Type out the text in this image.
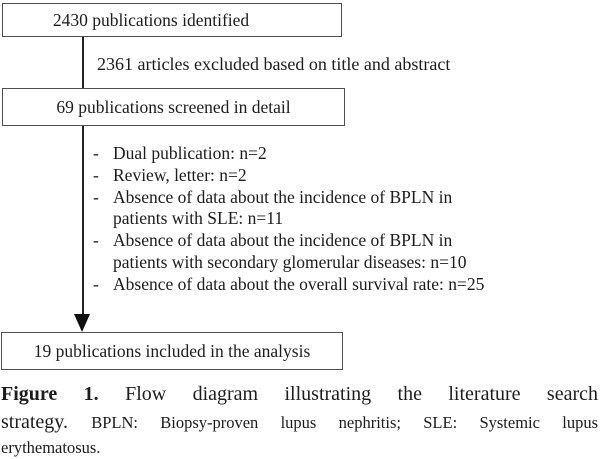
2430 publications identified
2361 articles excluded based on title and abstract
69 publications screened in detail
- Dual publication: n=2
- Review, letter: n=2
- Absence of data about the incidence of BPLN in
patients with SLE: n=11
- Absence of data about the incidence of BPLN in
patients with secondary glomerular diseases: n=10
- Absence of data about the overall survival rate: n=25
19 publications included in the analysis
Figure 1. Flow diagram illustrating the literature search
strategy. BPLN: Biopsy-proven lupus nephritis; SLE: Systemic lupus
erythematosus.
